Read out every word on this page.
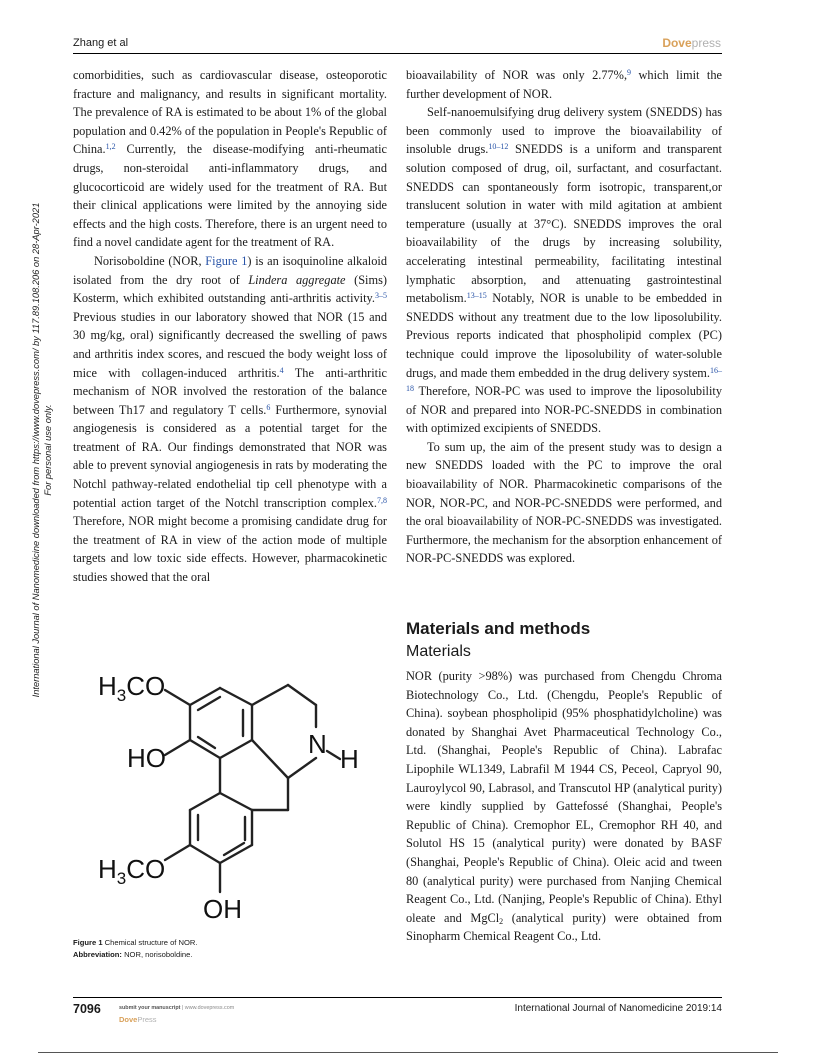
Zhang et al	Dovepress
International Journal of Nanomedicine downloaded from https://www.dovepress.com/ by 117.89.108.206 on 28-Apr-2021 For personal use only.

comorbidities, such as cardiovascular disease, osteoporotic fracture and malignancy, and results in significant mortality. The prevalence of RA is estimated to be about 1% of the global population and 0.42% of the population in People's Republic of China.$^{1,2}$ Currently, the disease-modifying anti-rheumatic drugs, non-steroidal anti-inflammatory drugs, and glucocorticoid are widely used for the treatment of RA. But their clinical applications were limited by the annoying side effects and the high costs. Therefore, there is an urgent need to find a novel candidate agent for the treatment of RA.

Norisoboldine (NOR, Figure 1) is an isoquinoline alkaloid isolated from the dry root of Lindera aggregate (Sims) Kosterm, which exhibited outstanding anti-arthritis activity.$^{3-5}$ Previous studies in our laboratory showed that NOR (15 and 30 mg/kg, oral) significantly decreased the swelling of paws and arthritis index scores, and rescued the body weight loss of mice with collagen-induced arthritis.$^4$ The anti-arthritic mechanism of NOR involved the restoration of the balance between Th17 and regulatory T cells.$^6$ Furthermore, synovial angiogenesis is considered as a potential target for the treatment of RA. Our findings demonstrated that NOR was able to prevent synovial angiogenesis in rats by moderating the Notchl pathway-related endothelial tip cell phenotype with a potential action target of the Notchl transcription complex.$^{7,8}$ Therefore, NOR might become a promising candidate drug for the treatment of RA in view of the action mode of multiple targets and low toxic side effects. However, pharmacokinetic studies showed that the oral

$H_3CO$
HO	N H
$H_3CO$
OH
Figure 1 Chemical structure of NOR.
Abbreviation: NOR, norisoboldine.

bioavailability of NOR was only 2.77%,$^9$ which limit the further development of NOR.

Self-nanoemulsifying drug delivery system (SNEDDS) has been commonly used to improve the bioavailability of insoluble drugs.$^{10-12}$ SNEDDS is a uniform and transparent solution composed of drug, oil, surfactant, and cosurfactant. SNEDDS can spontaneously form isotropic, transparent,or translucent solution in water with mild agitation at ambient temperature (usually at 37°C). SNEDDS improves the oral bioavailability of the drugs by increasing solubility, accelerating intestinal permeability, facilitating intestinal lymphatic absorption, and attenuating gastrointestinal metabolism.$^{13-15}$ Notably, NOR is unable to be embedded in SNEDDS without any treatment due to the low liposolubility. Previous reports indicated that phospholipid complex (PC) technique could improve the liposolubility of water-soluble drugs, and made them embedded in the drug delivery system.$^{16-18}$ Therefore, NOR-PC was used to improve the liposolubility of NOR and prepared into NOR-PC-SNEDDS in combination with optimized excipients of SNEDDS.

To sum up, the aim of the present study was to design a new SNEDDS loaded with the PC to improve the oral bioavailability of NOR. Pharmacokinetic comparisons of the NOR, NOR-PC, and NOR-PC-SNEDDS were performed, and the oral bioavailability of NOR-PC-SNEDDS was investigated. Furthermore, the mechanism for the absorption enhancement of NOR-PC-SNEDDS was explored.

Materials and methods
Materials

NOR (purity >98%) was purchased from Chengdu Chroma Biotechnology Co., Ltd. (Chengdu, People's Republic of China). soybean phospholipid (95% phosphatidylcholine) was donated by Shanghai Avet Pharmaceutical Technology Co., Ltd. (Shanghai, People's Republic of China). Labrafac Lipophile WL1349, Labrafil M 1944 CS, Peceol, Capryol 90, Lauroylycol 90, Labrasol, and Transcutol HP (analytical purity) were kindly supplied by Gattefossé (Shanghai, People's Republic of China). Cremophor EL, Cremophor RH 40, and Solutol HS 15 (analytical purity) were donated by BASF (Shanghai, People's Republic of China). Oleic acid and tween 80 (analytical purity) were purchased from Nanjing Chemical Reagent Co., Ltd. (Nanjing, People's Republic of China). Ethyl oleate and MgCl$_2$ (analytical purity) were obtained from Sinopharm Chemical Reagent Co., Ltd.

7096	submit your manuscript | www.dovepress.com
DovePress
International Journal of Nanomedicine 2019:14
